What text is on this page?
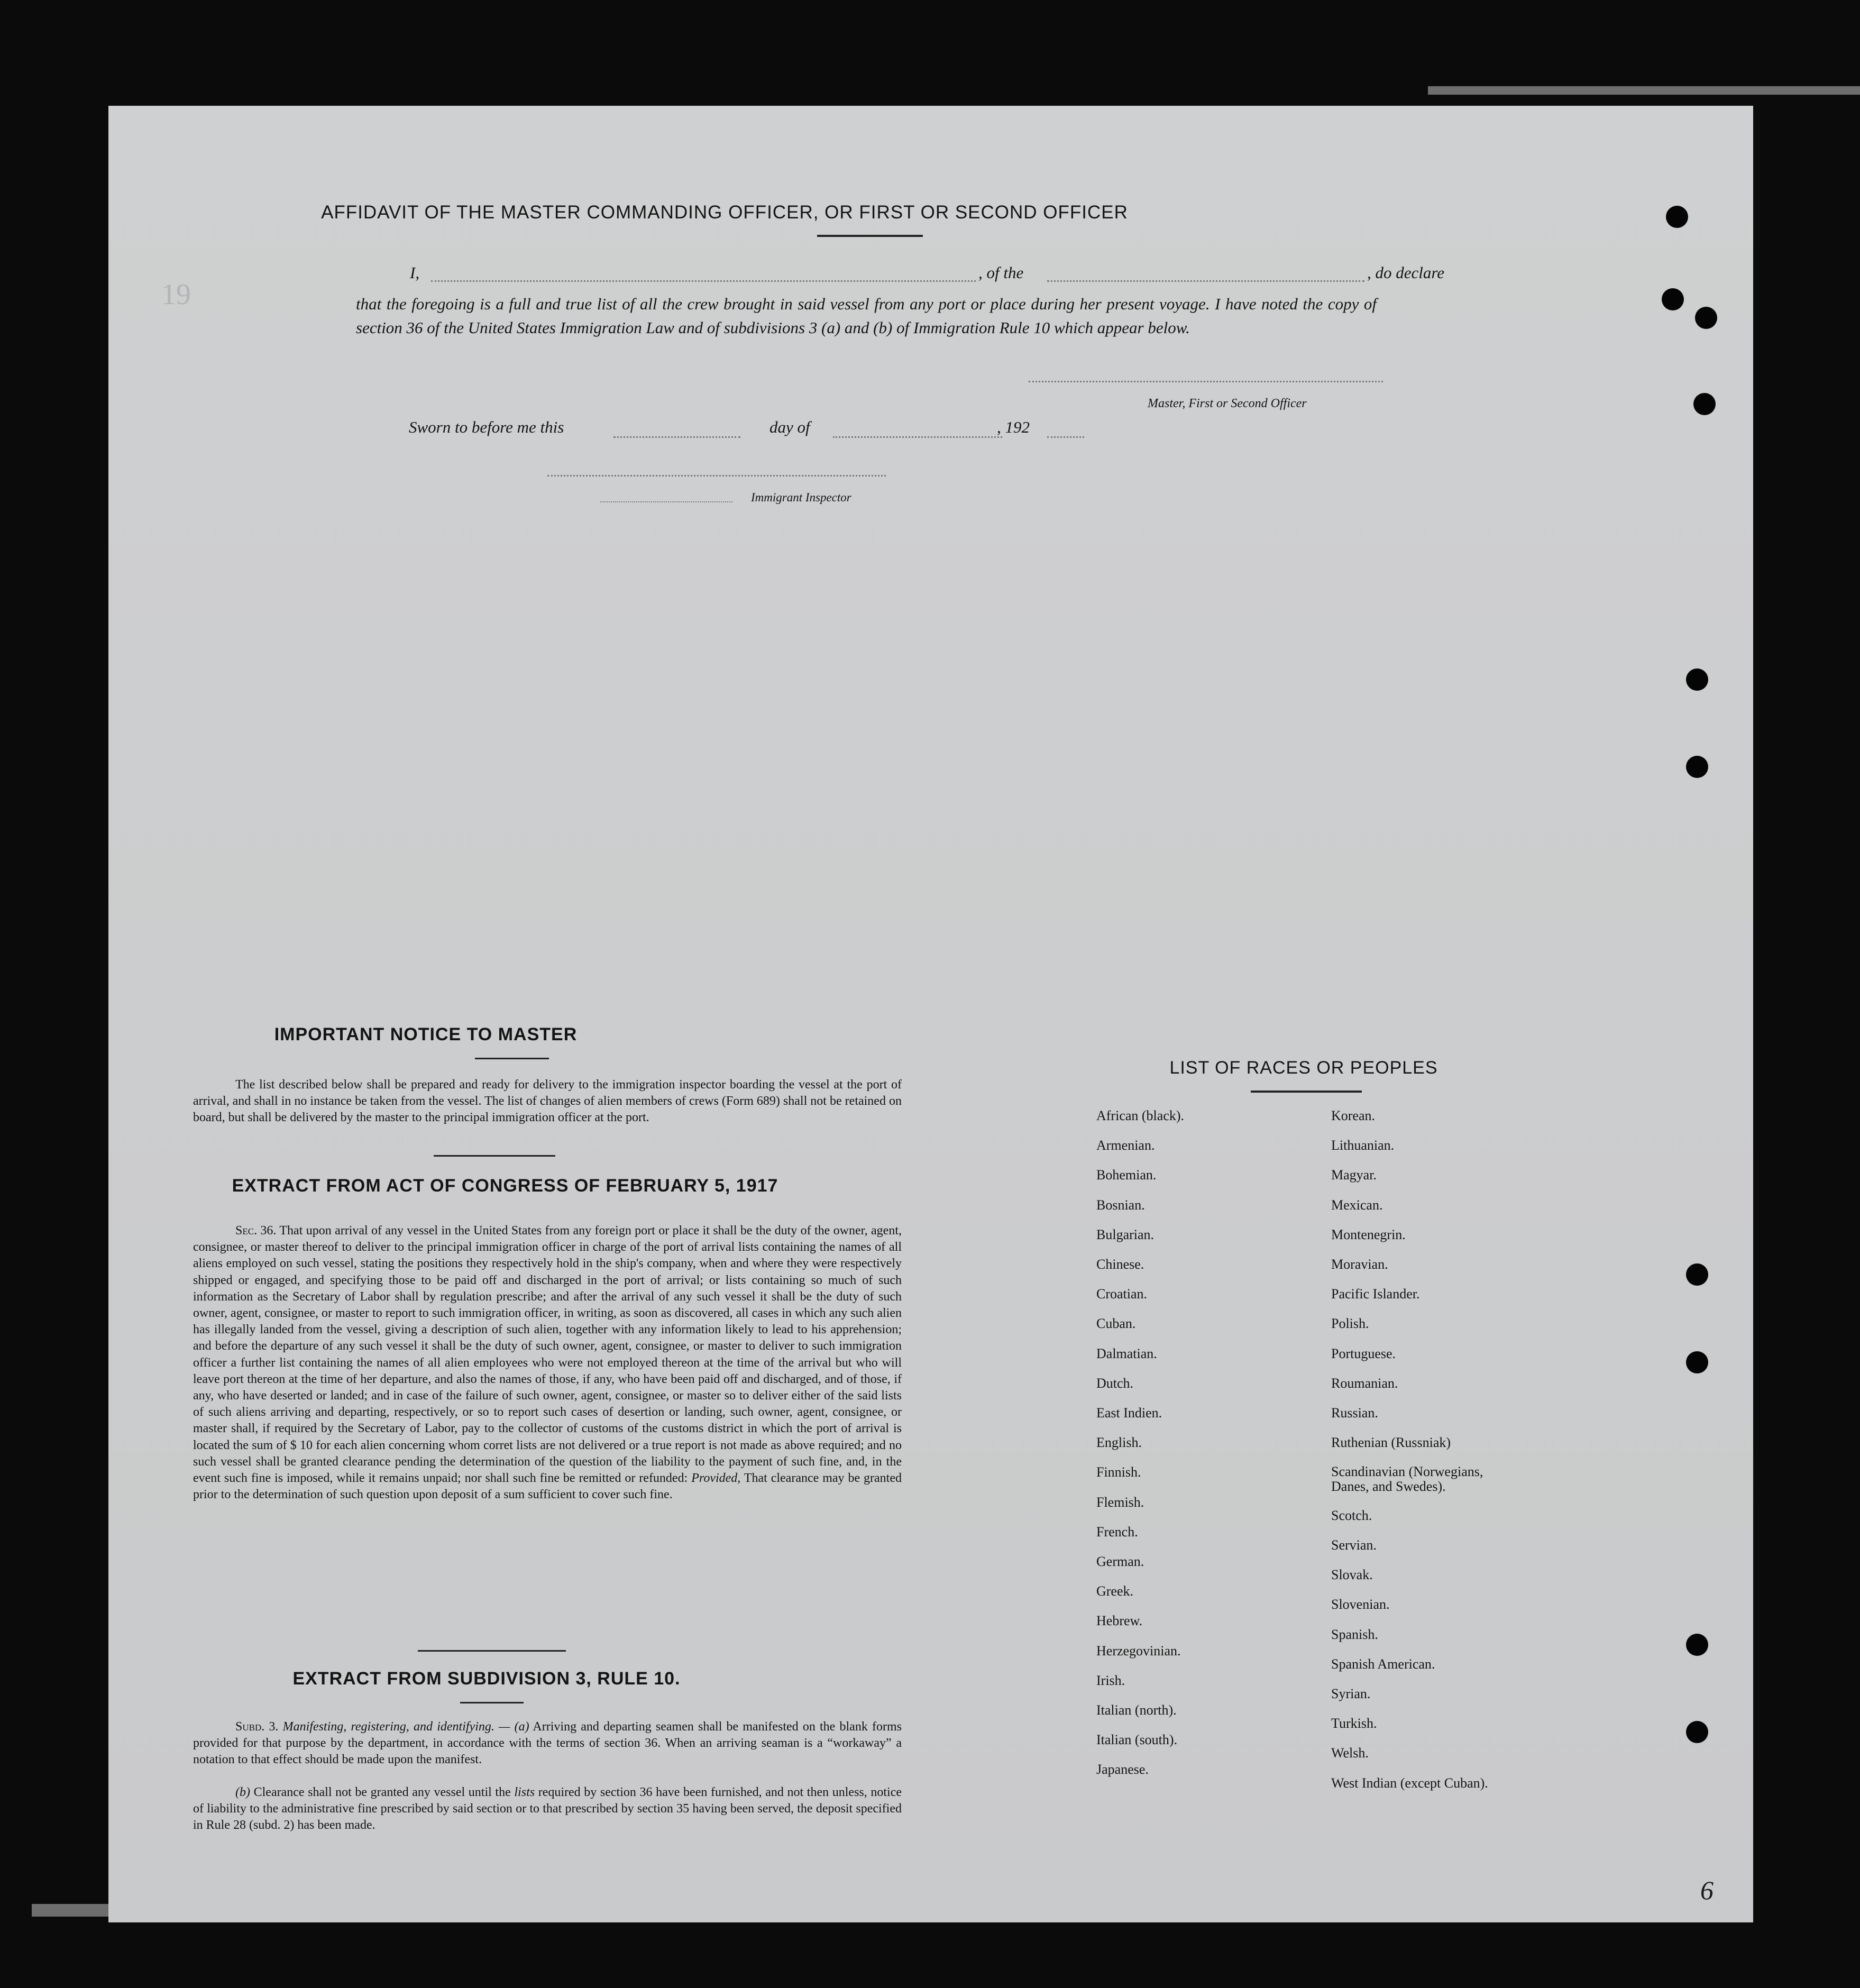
19
6
AFFIDAVIT OF THE MASTER COMMANDING OFFICER, OR FIRST OR SECOND OFFICER
I,	, of the	, do declare
that the foregoing is a full and true list of all the crew brought in said vessel from any port or place during her present voyage. I have noted the copy of section 36 of the United States Immigration Law and of subdivisions 3 (a) and (b) of Immigration Rule 10 which appear below.
Master, First or Second Officer
Sworn to before me this	day of	, 192
Immigrant Inspector
IMPORTANT NOTICE TO MASTER
The list described below shall be prepared and ready for delivery to the immigration inspector boarding the vessel at the port of arrival, and shall in no instance be taken from the vessel. The list of changes of alien members of crews (Form 689) shall not be retained on board, but shall be delivered by the master to the principal immigration officer at the port.
EXTRACT FROM ACT OF CONGRESS OF FEBRUARY 5, 1917
Sec. 36. That upon arrival of any vessel in the United States from any foreign port or place it shall be the duty of the owner, agent, consignee, or master thereof to deliver to the principal immigration officer in charge of the port of arrival lists containing the names of all aliens employed on such vessel, stating the positions they respectively hold in the ship's company, when and where they were respectively shipped or engaged, and specifying those to be paid off and discharged in the port of arrival; or lists containing so much of such information as the Secretary of Labor shall by regulation prescribe; and after the arrival of any such vessel it shall be the duty of such owner, agent, consignee, or master to report to such immigration officer, in writing, as soon as discovered, all cases in which any such alien has illegally landed from the vessel, giving a description of such alien, together with any information likely to lead to his apprehension; and before the departure of any such vessel it shall be the duty of such owner, agent, consignee, or master to deliver to such immigration officer a further list containing the names of all alien employees who were not employed thereon at the time of the arrival but who will leave port thereon at the time of her departure, and also the names of those, if any, who have been paid off and discharged, and of those, if any, who have deserted or landed; and in case of the failure of such owner, agent, consignee, or master so to deliver either of the said lists of such aliens arriving and departing, respectively, or so to report such cases of desertion or landing, such owner, agent, consignee, or master shall, if required by the Secretary of Labor, pay to the collector of customs of the customs district in which the port of arrival is located the sum of $ 10 for each alien concerning whom corret lists are not delivered or a true report is not made as above required; and no such vessel shall be granted clearance pending the determination of the question of the liability to the payment of such fine, and, in the event such fine is imposed, while it remains unpaid; nor shall such fine be remitted or refunded: Provided, That clearance may be granted prior to the determination of such question upon deposit of a sum sufficient to cover such fine.
EXTRACT FROM SUBDIVISION 3, RULE 10.
Subd. 3. Manifesting, registering, and identifying. — (a) Arriving and departing seamen shall be manifested on the blank forms provided for that purpose by the department, in accordance with the terms of section 36. When an arriving seaman is a “workaway” a notation to that effect should be made upon the manifest.
(b) Clearance shall not be granted any vessel until the lists required by section 36 have been furnished, and not then unless, notice of liability to the administrative fine prescribed by said section or to that prescribed by section 35 having been served, the deposit specified in Rule 28 (subd. 2) has been made.
LIST OF RACES OR PEOPLES
African (black).
Armenian.
Bohemian.
Bosnian.
Bulgarian.
Chinese.
Croatian.
Cuban.
Dalmatian.
Dutch.
East Indien.
English.
Finnish.
Flemish.
French.
German.
Greek.
Hebrew.
Herzegovinian.
Irish.
Italian (north).
Italian (south).
Japanese.
Korean.
Lithuanian.
Magyar.
Mexican.
Montenegrin.
Moravian.
Pacific Islander.
Polish.
Portuguese.
Roumanian.
Russian.
Ruthenian (Russniak)
Scandinavian (Norwegians, Danes, and Swedes).
Scotch.
Servian.
Slovak.
Slovenian.
Spanish.
Spanish American.
Syrian.
Turkish.
Welsh.
West Indian (except Cuban).
